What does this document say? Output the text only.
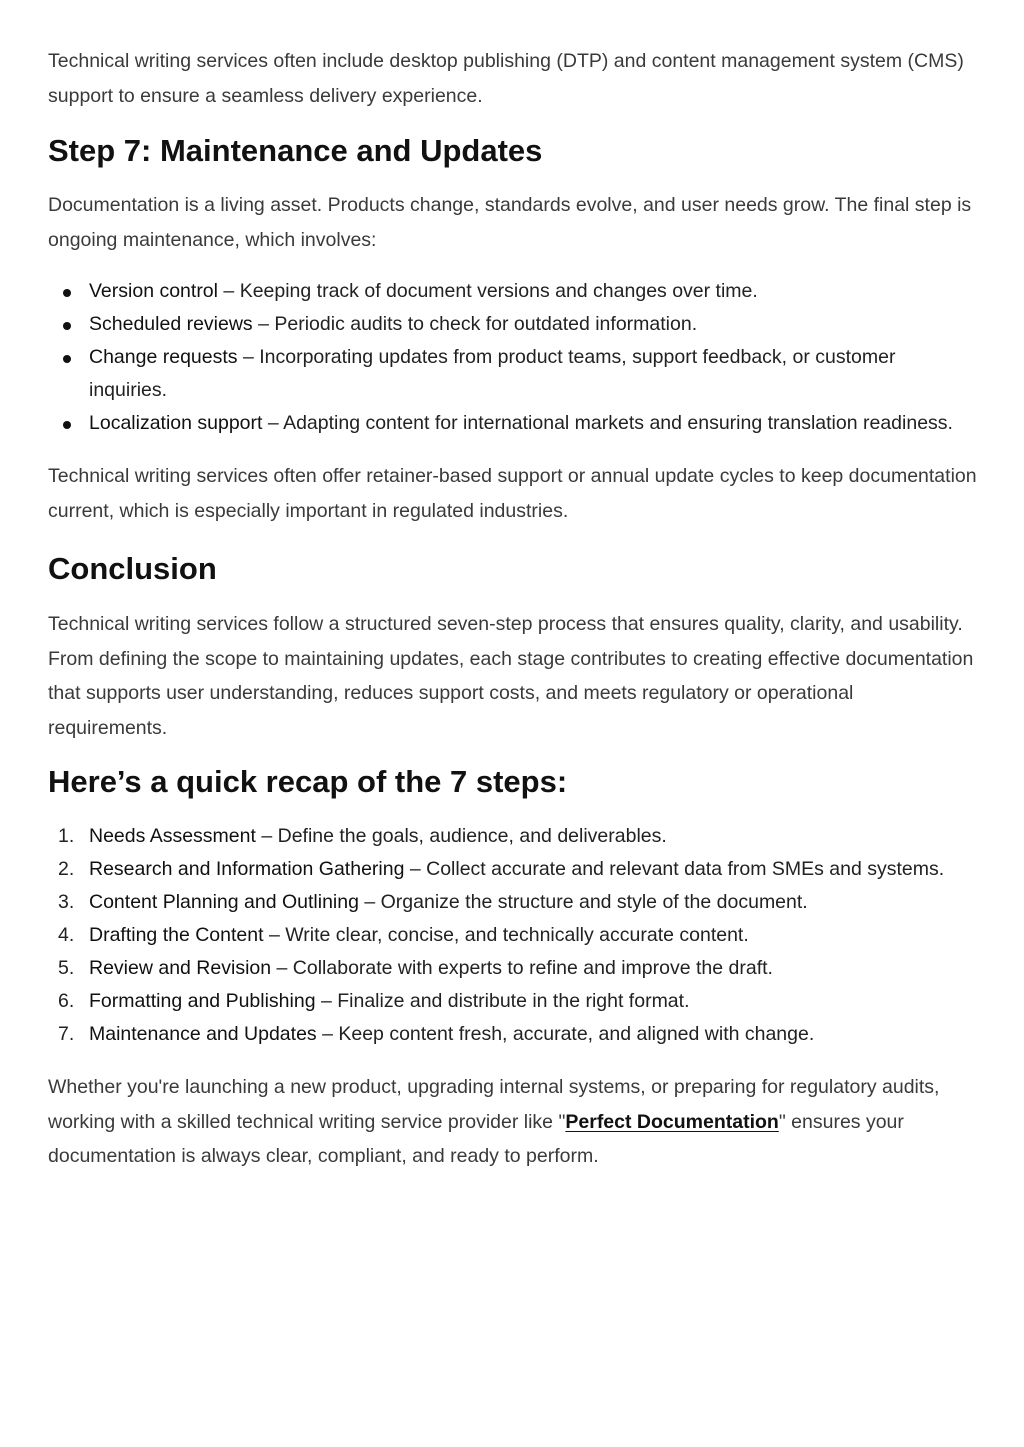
Technical writing services often include desktop publishing (DTP) and content management system (CMS) support to ensure a seamless delivery experience.

Step 7: Maintenance and Updates

Documentation is a living asset. Products change, standards evolve, and user needs grow. The final step is ongoing maintenance, which involves:

Version control – Keeping track of document versions and changes over time.
Scheduled reviews – Periodic audits to check for outdated information.
Change requests – Incorporating updates from product teams, support feedback, or customer inquiries.
Localization support – Adapting content for international markets and ensuring translation readiness.

Technical writing services often offer retainer-based support or annual update cycles to keep documentation current, which is especially important in regulated industries.

Conclusion

Technical writing services follow a structured seven-step process that ensures quality, clarity, and usability. From defining the scope to maintaining updates, each stage contributes to creating effective documentation that supports user understanding, reduces support costs, and meets regulatory or operational requirements.

Here’s a quick recap of the 7 steps:
1. Needs Assessment – Define the goals, audience, and deliverables.
2. Research and Information Gathering – Collect accurate and relevant data from SMEs and systems.
3. Content Planning and Outlining – Organize the structure and style of the document.
4. Drafting the Content – Write clear, concise, and technically accurate content.
5. Review and Revision – Collaborate with experts to refine and improve the draft.
6. Formatting and Publishing – Finalize and distribute in the right format.
7. Maintenance and Updates – Keep content fresh, accurate, and aligned with change.

Whether you're launching a new product, upgrading internal systems, or preparing for regulatory audits, working with a skilled technical writing service provider like "Perfect Documentation" ensures your documentation is always clear, compliant, and ready to perform.
